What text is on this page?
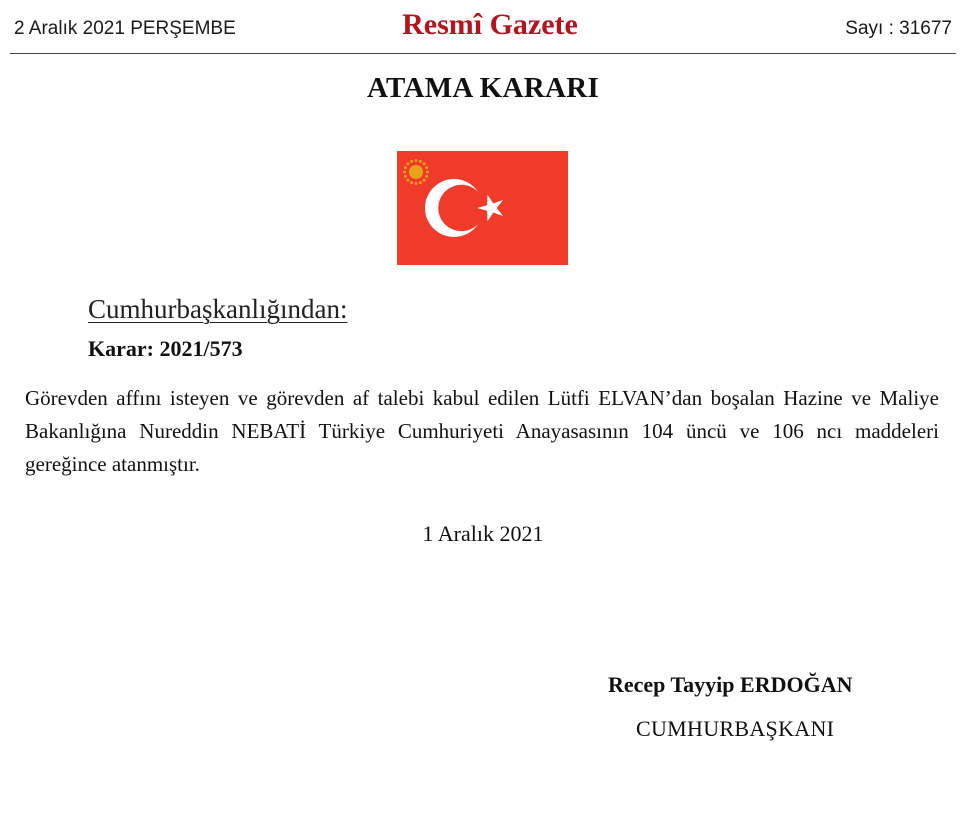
2 Aralık 2021 PERŞEMBE	Resmî Gazete	Sayı : 31677
ATAMA KARARI
Cumhurbaşkanlığından:
Karar: 2021/573
Görevden affını isteyen ve görevden af talebi kabul edilen Lütfi ELVAN’dan boşalan Hazine ve Maliye Bakanlığına Nureddin NEBATİ Türkiye Cumhuriyeti Anayasasının 104 üncü ve 106 ncı maddeleri gereğince atanmıştır.
1 Aralık 2021
Recep Tayyip ERDOĞAN
CUMHURBAŞKANI
